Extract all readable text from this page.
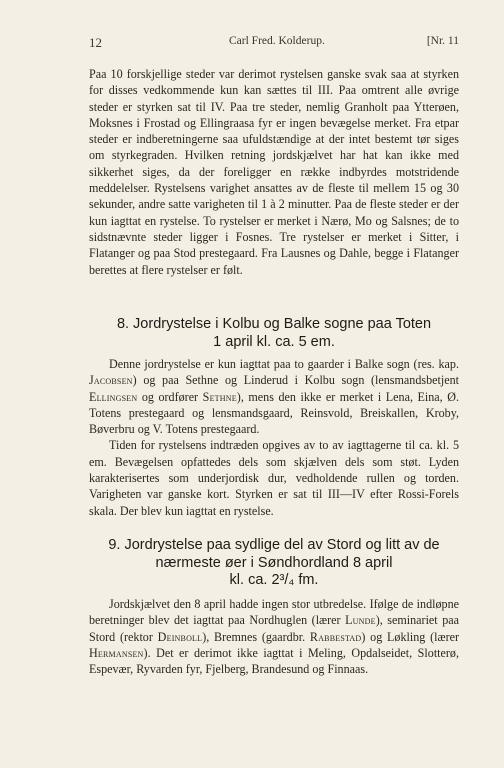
12	Carl Fred. Kolderup.	[Nr. 11

Paa 10 forskjellige steder var derimot rystelsen ganske svak saa at styrken for disses vedkommende kun kan sættes til III. Paa omtrent alle øvrige steder er styrken sat til IV. Paa tre steder, nemlig Granholt paa Ytterøen, Moksnes i Frostad og Ellingraasa fyr er ingen bevægelse merket. Fra etpar steder er indberetningerne saa ufuldstændige at der intet bestemt tør siges om styrkegraden. Hvilken retning jordskjælvet har hat kan ikke med sikkerhet siges, da der foreligger en række indbyrdes motstridende meddelelser. Rystelsens varighet ansattes av de fleste til mellem 15 og 30 sekunder, andre satte varigheten til 1 à 2 minutter. Paa de fleste steder er der kun iagttat en rystelse. To rystelser er merket i Nærø, Mo og Salsnes; de to sidstnævnte steder ligger i Fosnes. Tre rystelser er merket i Sitter, i Flatanger og paa Stod prestegaard. Fra Lausnes og Dahle, begge i Flatanger berettes at flere rystelser er følt.

8. Jordrystelse i Kolbu og Balke sogne paa Toten
1 april kl. ca. 5 em.

Denne jordrystelse er kun iagttat paa to gaarder i Balke sogn (res. kap. Jacobsen) og paa Sethne og Linderud i Kolbu sogn (lensmandsbetjent Ellingsen og ordfører Sethne), mens den ikke er merket i Lena, Eina, Ø. Totens prestegaard og lensmandsgaard, Reinsvold, Breiskallen, Kroby, Bøverbru og V. Totens prestegaard.

Tiden for rystelsens indtræden opgives av to av iagttagerne til ca. kl. 5 em. Bevægelsen opfattedes dels som skjælven dels som støt. Lyden karakterisertes som underjordisk dur, vedholdende rullen og torden. Varigheten var ganske kort. Styrken er sat til III—IV efter Rossi-Forels skala. Der blev kun iagttat en rystelse.

9. Jordrystelse paa sydlige del av Stord og litt av de
nærmeste øer i Søndhordland 8 april
kl. ca. 2³/₄ fm.

Jordskjælvet den 8 april hadde ingen stor utbredelse. Ifølge de indløpne beretninger blev det iagttat paa Nordhuglen (lærer Lunde), seminariet paa Stord (rektor Deinboll), Bremnes (gaardbr. Rabbestad) og Løkling (lærer Hermansen). Det er derimot ikke iagttat i Meling, Opdalseidet, Slotterø, Espevær, Ryvarden fyr, Fjelberg, Brandesund og Finnaas.
